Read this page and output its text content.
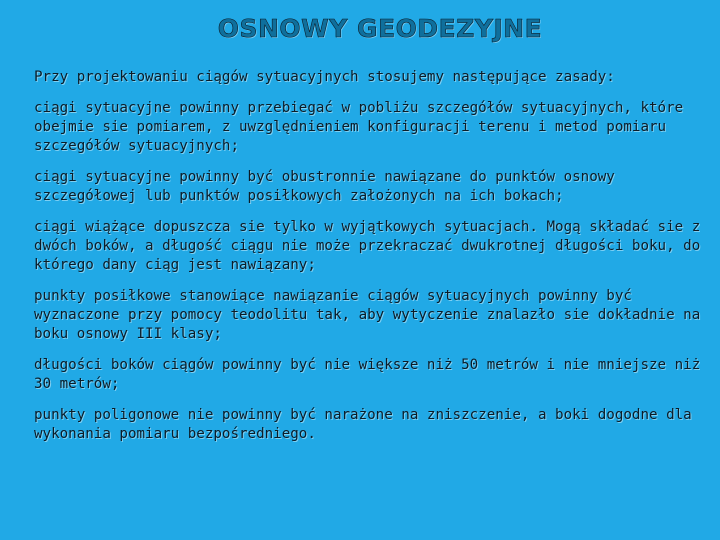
OSNOWY GEODEZYJNE

Przy projektowaniu ciągów sytuacyjnych stosujemy następujące zasady:

ciągi sytuacyjne powinny przebiegać w pobliżu szczegółów sytuacyjnych, które obejmie sie pomiarem, z uwzględnieniem konfiguracji terenu i metod pomiaru szczegółów sytuacyjnych;

ciągi sytuacyjne powinny być obustronnie nawiązane do punktów osnowy szczegółowej lub punktów posiłkowych założonych na ich bokach;

ciągi wiążące dopuszcza sie tylko w wyjątkowych sytuacjach. Mogą składać sie z dwóch boków, a długość ciągu nie może przekraczać dwukrotnej długości boku, do którego dany ciąg jest nawiązany;

punkty posiłkowe stanowiące nawiązanie ciągów sytuacyjnych powinny być wyznaczone przy pomocy teodolitu tak, aby wytyczenie znalazło sie dokładnie na boku osnowy III klasy;

długości boków ciągów powinny być nie większe niż 50 metrów i nie mniejsze niż 30 metrów;

punkty poligonowe nie powinny być narażone na zniszczenie, a boki dogodne dla wykonania pomiaru bezpośredniego.
